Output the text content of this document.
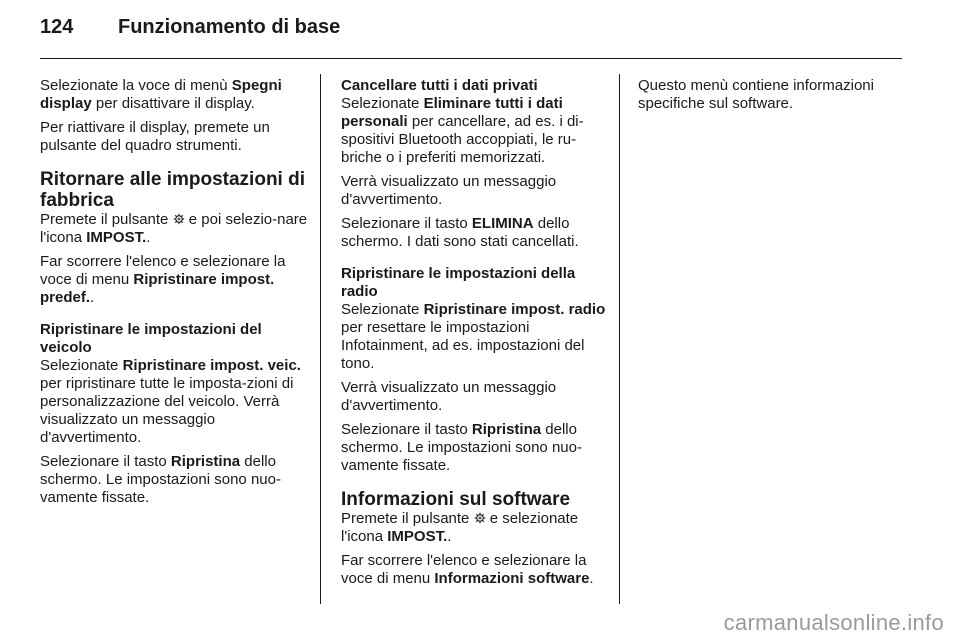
124	Funzionamento di base

Selezionate la voce di menù Spegni display per disattivare il display.

Per riattivare il display, premete un pulsante del quadro strumenti.

Ritornare alle impostazioni di fabbrica

Premete il pulsante  e poi selezio-nare l'icona IMPOST..

Far scorrere l'elenco e selezionare la voce di menu Ripristinare impost. predef..

Ripristinare le impostazioni del veicolo

Selezionate Ripristinare impost. veic. per ripristinare tutte le imposta-zioni di personalizzazione del veicolo. Verrà visualizzato un messaggio d'avvertimento.

Selezionare il tasto Ripristina dello schermo. Le impostazioni sono nuo-vamente fissate.

Cancellare tutti i dati privati

Selezionate Eliminare tutti i dati personali per cancellare, ad es. i di-spositivi Bluetooth accoppiati, le ru-briche o i preferiti memorizzati.

Verrà visualizzato un messaggio d'avvertimento.

Selezionare il tasto ELIMINA dello schermo. I dati sono stati cancellati.

Ripristinare le impostazioni della radio

Selezionate Ripristinare impost. radio per resettare le impostazioni Infotainment, ad es. impostazioni del tono.

Verrà visualizzato un messaggio d'avvertimento.

Selezionare il tasto Ripristina dello schermo. Le impostazioni sono nuo-vamente fissate.

Informazioni sul software

Premete il pulsante  e selezionate l'icona IMPOST..

Far scorrere l'elenco e selezionare la voce di menu Informazioni software.

Questo menù contiene informazioni specifiche sul software.

carmanualsonline.info
